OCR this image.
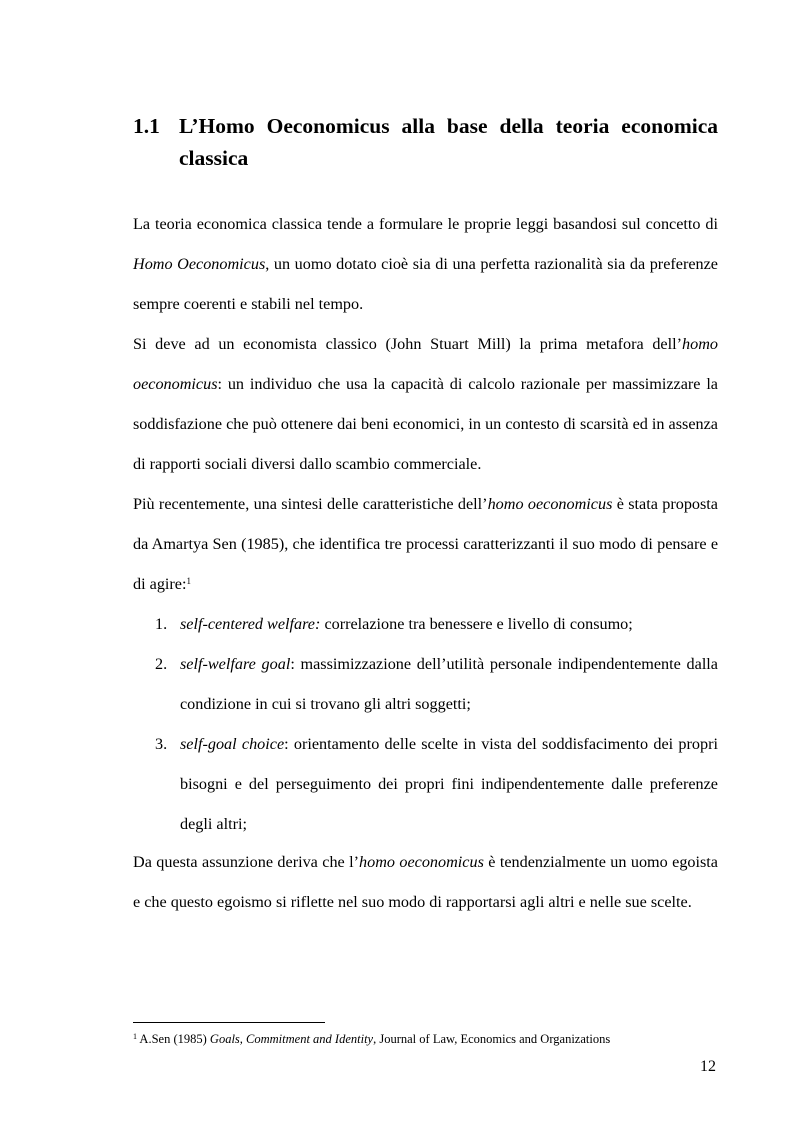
1.1 L’Homo Oeconomicus alla base della teoria economica classica

La teoria economica classica tende a formulare le proprie leggi basandosi sul concetto di Homo Oeconomicus, un uomo dotato cioè sia di una perfetta razionalità sia da preferenze sempre coerenti e stabili nel tempo.

Si deve ad un economista classico (John Stuart Mill) la prima metafora dell’homo oeconomicus: un individuo che usa la capacità di calcolo razionale per massimizzare la soddisfazione che può ottenere dai beni economici, in un contesto di scarsità ed in assenza di rapporti sociali diversi dallo scambio commerciale.

Più recentemente, una sintesi delle caratteristiche dell’homo oeconomicus è stata proposta da Amartya Sen (1985), che identifica tre processi caratterizzanti il suo modo di pensare e di agire:$^1$

1. self-centered welfare: correlazione tra benessere e livello di consumo;
2. self-welfare goal: massimizzazione dell’utilità personale indipendentemente dalla condizione in cui si trovano gli altri soggetti;
3. self-goal choice: orientamento delle scelte in vista del soddisfacimento dei propri bisogni e del perseguimento dei propri fini indipendentemente dalle preferenze degli altri;

Da questa assunzione deriva che l’homo oeconomicus è tendenzialmente un uomo egoista e che questo egoismo si riflette nel suo modo di rapportarsi agli altri e nelle sue scelte.

$^1$ A.Sen (1985) Goals, Commitment and Identity, Journal of Law, Economics and Organizations
12
